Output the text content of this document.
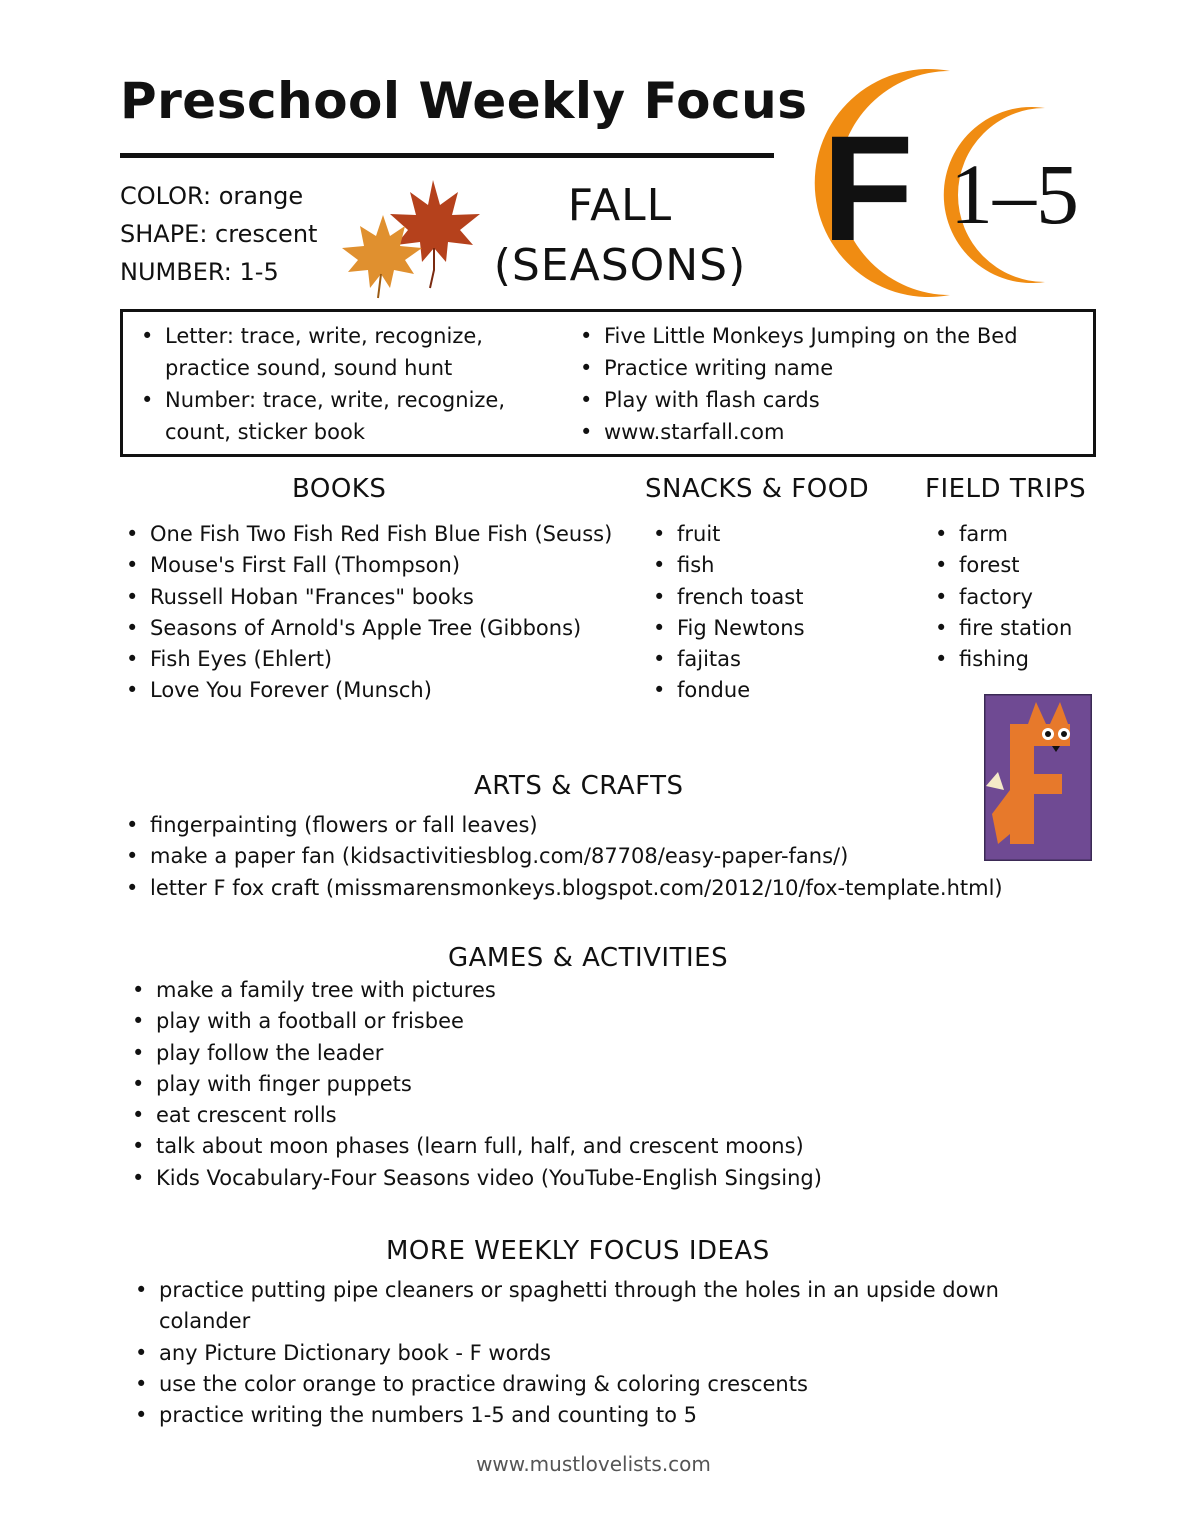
Preschool Weekly Focus
COLOR: orange
SHAPE: crescent
NUMBER: 1-5
FALL
(SEASONS) F 1–5
• Letter: trace, write, recognize, practice sound, sound hunt
• Number: trace, write, recognize, count, sticker book
• Five Little Monkeys Jumping on the Bed
• Practice writing name
• Play with flash cards
• www.starfall.com
BOOKS
• One Fish Two Fish Red Fish Blue Fish (Seuss)
• Mouse's First Fall (Thompson)
• Russell Hoban "Frances" books
• Seasons of Arnold's Apple Tree (Gibbons)
• Fish Eyes (Ehlert)
• Love You Forever (Munsch)
SNACKS & FOOD
• fruit
• fish
• french toast
• Fig Newtons
• fajitas
• fondue
FIELD TRIPS
• farm
• forest
• factory
• fire station
• fishing
ARTS & CRAFTS
• fingerpainting (flowers or fall leaves)
• make a paper fan (kidsactivitiesblog.com/87708/easy-paper-fans/)
• letter F fox craft (missmarensmonkeys.blogspot.com/2012/10/fox-template.html)
GAMES & ACTIVITIES
• make a family tree with pictures
• play with a football or frisbee
• play follow the leader
• play with finger puppets
• eat crescent rolls
• talk about moon phases (learn full, half, and crescent moons)
• Kids Vocabulary-Four Seasons video (YouTube-English Singsing)
MORE WEEKLY FOCUS IDEAS
• practice putting pipe cleaners or spaghetti through the holes in an upside down colander
• any Picture Dictionary book - F words
• use the color orange to practice drawing & coloring crescents
• practice writing the numbers 1-5 and counting to 5
www.mustlovelists.com
